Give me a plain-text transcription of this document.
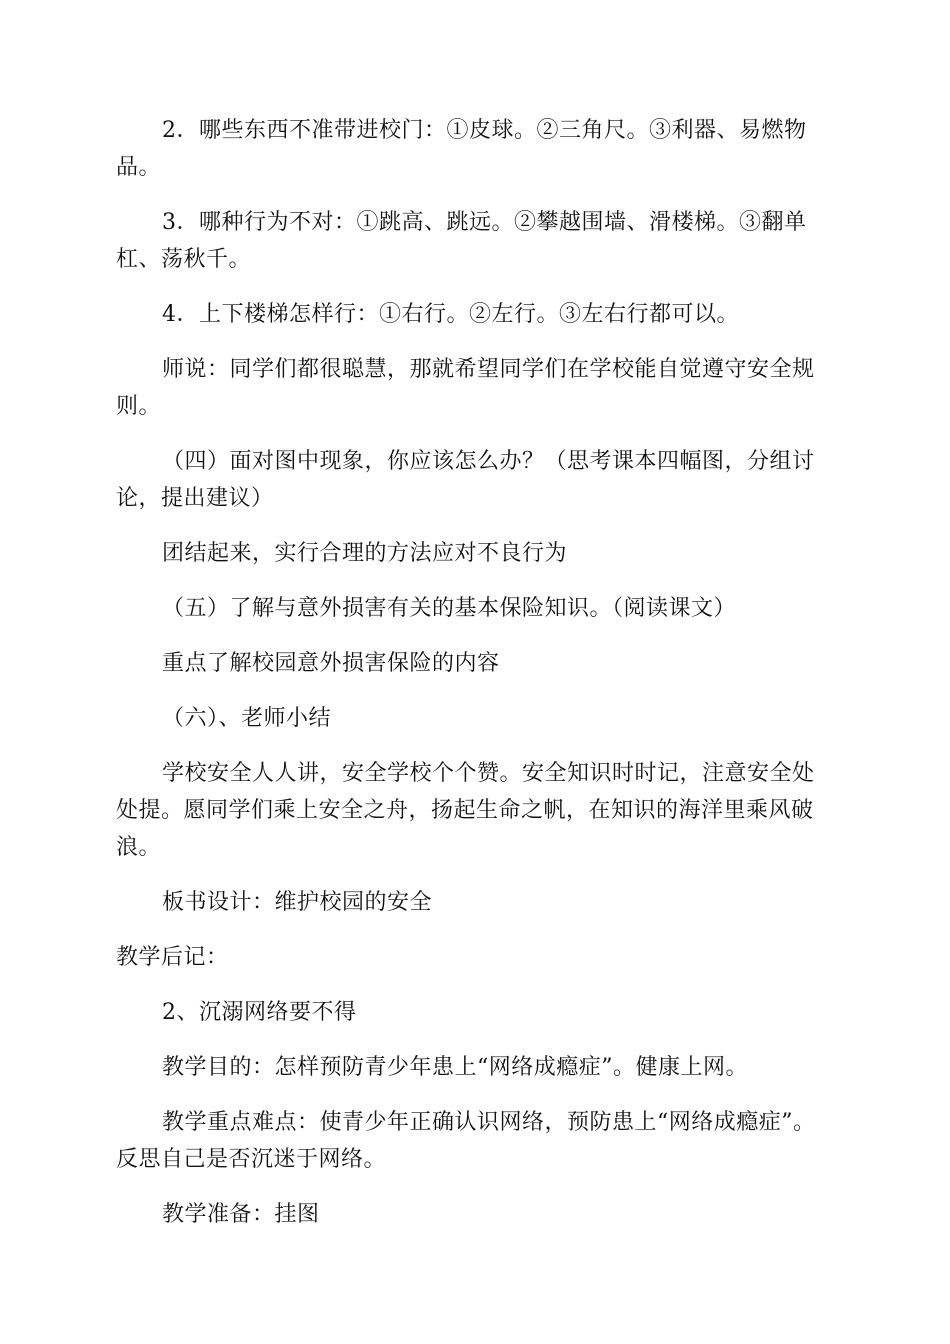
2．哪些东西不准带进校门：①皮球。②三角尺。③利器、易燃物品。

3．哪种行为不对：①跳高、跳远。②攀越围墙、滑楼梯。③翻单杠、荡秋千。

4．上下楼梯怎样行：①右行。②左行。③左右行都可以。

师说：同学们都很聪慧，那就希望同学们在学校能自觉遵守安全规则。

（四）面对图中现象，你应该怎么办？（思考课本四幅图，分组讨论，提出建议）

团结起来，实行合理的方法应对不良行为

（五）了解与意外损害有关的基本保险知识。（阅读课文）

重点了解校园意外损害保险的内容

（六）、老师小结

学校安全人人讲，安全学校个个赞。安全知识时时记，注意安全处处提。愿同学们乘上安全之舟，扬起生命之帆，在知识的海洋里乘风破浪。

板书设计：维护校园的安全

教学后记：

2、沉溺网络要不得

教学目的：怎样预防青少年患上“网络成瘾症”。健康上网。

教学重点难点：使青少年正确认识网络，预防患上“网络成瘾症”。反思自己是否沉迷于网络。

教学准备：挂图
